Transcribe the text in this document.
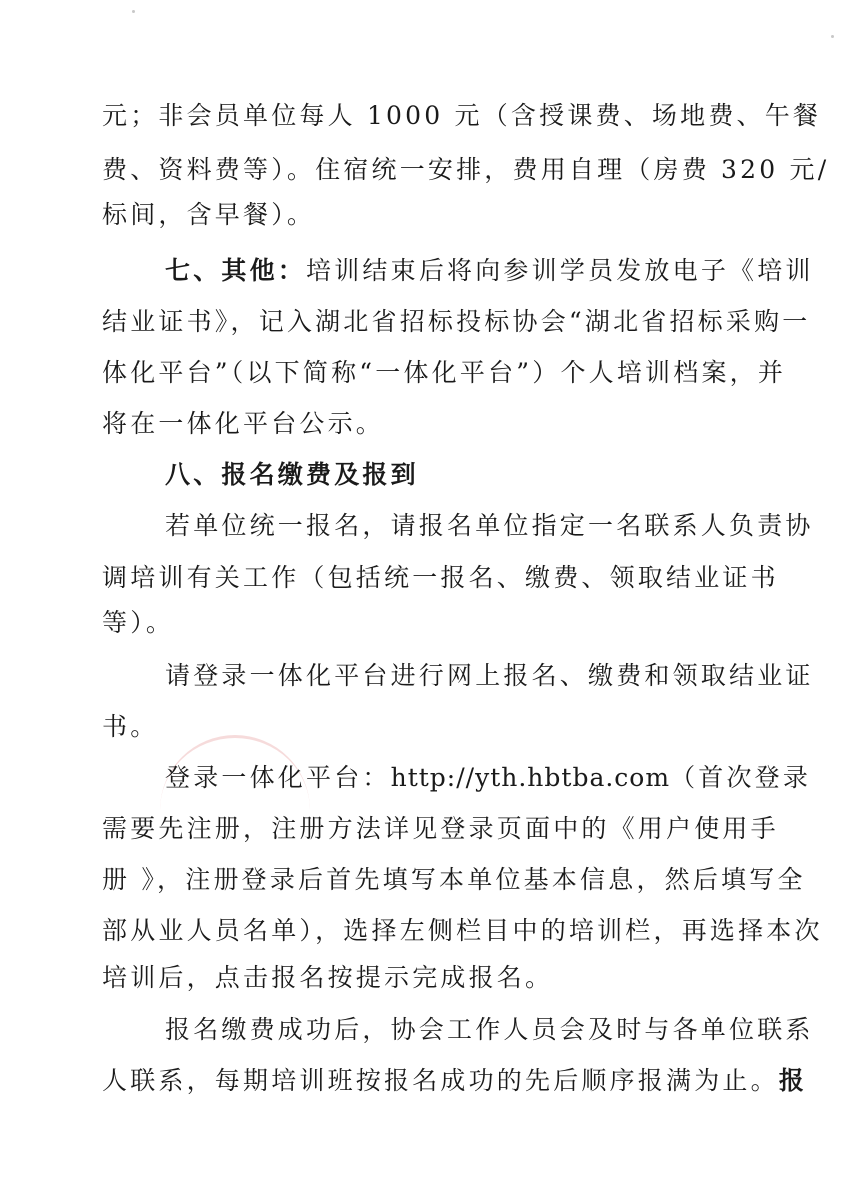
元；非会员单位每人 1000 元（含授课费、场地费、午餐
费、资料费等）。住宿统一安排，费用自理（房费 320 元/
标间，含早餐）。
七、其他：培训结束后将向参训学员发放电子《培训
结业证书》，记入湖北省招标投标协会“湖北省招标采购一
体化平台”（以下简称“一体化平台”）个人培训档案，并
将在一体化平台公示。
八、报名缴费及报到
若单位统一报名，请报名单位指定一名联系人负责协
调培训有关工作（包括统一报名、缴费、领取结业证书
等）。
请登录一体化平台进行网上报名、缴费和领取结业证
书。
登录一体化平台：http://yth.hbtba.com（首次登录
需要先注册，注册方法详见登录页面中的《用户使用手
册 》，注册登录后首先填写本单位基本信息，然后填写全
部从业人员名单），选择左侧栏目中的培训栏，再选择本次
培训后，点击报名按提示完成报名。
报名缴费成功后，协会工作人员会及时与各单位联系
人联系，每期培训班按报名成功的先后顺序报满为止。报
